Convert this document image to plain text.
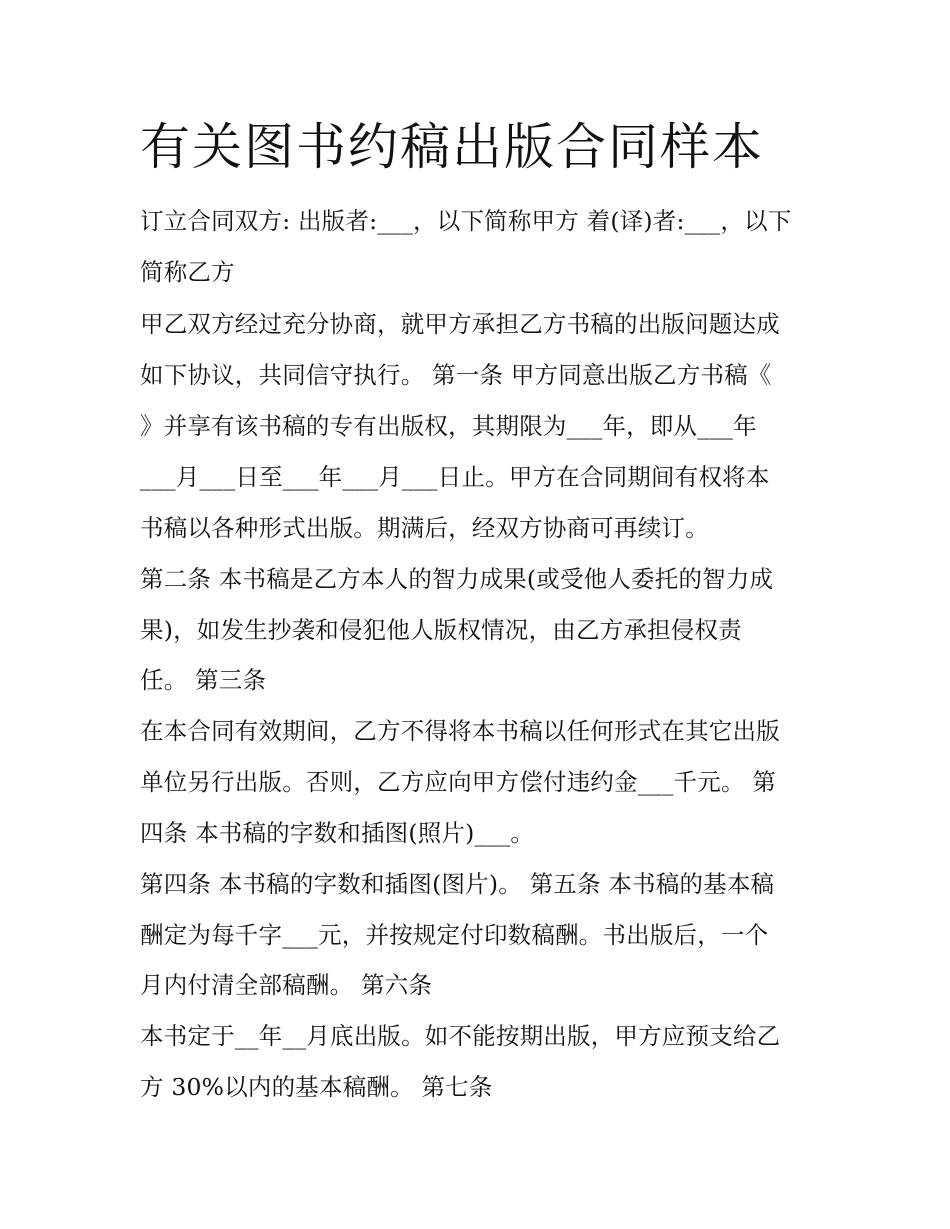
有关图书约稿出版合同样本

订立合同双方: 出版者:___，以下简称甲方 着(译)者:___，以下

简称乙方

甲乙双方经过充分协商，就甲方承担乙方书稿的出版问题达成

如下协议，共同信守执行。 第一条 甲方同意出版乙方书稿《

》并享有该书稿的专有出版权，其期限为___年，即从___年

___月___日至___年___月___日止。甲方在合同期间有权将本

书稿以各种形式出版。期满后，经双方协商可再续订。

第二条 本书稿是乙方本人的智力成果(或受他人委托的智力成

果)，如发生抄袭和侵犯他人版权情况，由乙方承担侵权责

任。 第三条

在本合同有效期间，乙方不得将本书稿以任何形式在其它出版

单位另行出版。否则，乙方应向甲方偿付违约金___千元。 第

四条 本书稿的字数和插图(照片)___。

第四条 本书稿的字数和插图(图片)。 第五条 本书稿的基本稿

酬定为每千字___元，并按规定付印数稿酬。书出版后，一个

月内付清全部稿酬。 第六条

本书定于__年__月底出版。如不能按期出版，甲方应预支给乙

方 30%以内的基本稿酬。 第七条
